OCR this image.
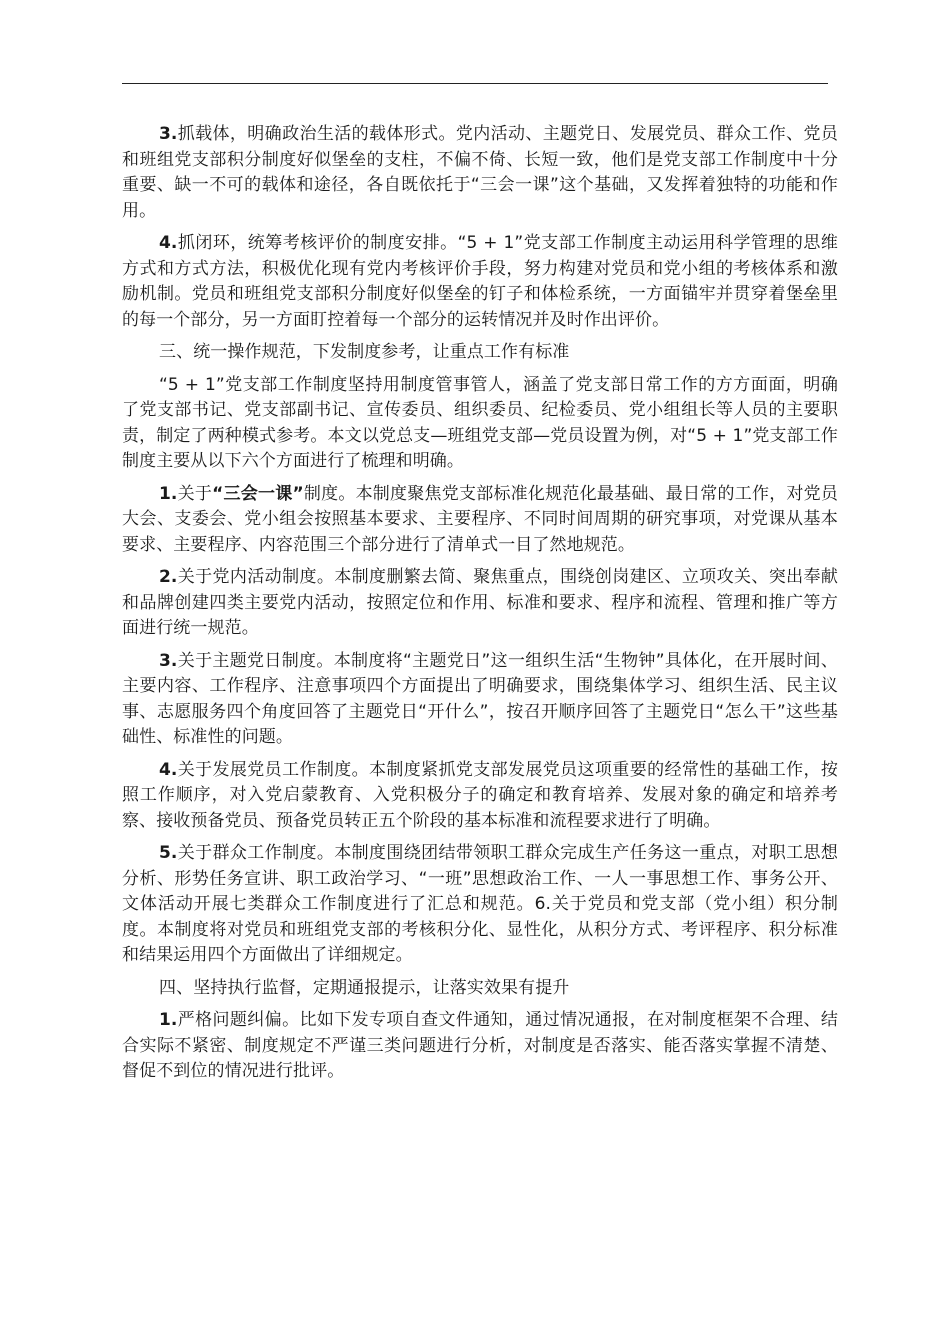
3.抓载体，明确政治生活的载体形式。党内活动、主题党日、发展党员、群众工作、党员和班组党支部积分制度好似堡垒的支柱，不偏不倚、长短一致，他们是党支部工作制度中十分重要、缺一不可的载体和途径，各自既依托于“三会一课”这个基础，又发挥着独特的功能和作用。

4.抓闭环，统筹考核评价的制度安排。“5 + 1”党支部工作制度主动运用科学管理的思维方式和方式方法，积极优化现有党内考核评价手段，努力构建对党员和党小组的考核体系和激励机制。党员和班组党支部积分制度好似堡垒的钉子和体检系统，一方面锚牢并贯穿着堡垒里的每一个部分，另一方面盯控着每一个部分的运转情况并及时作出评价。

三、统一操作规范，下发制度参考，让重点工作有标准

“5 + 1”党支部工作制度坚持用制度管事管人，涵盖了党支部日常工作的方方面面，明确了党支部书记、党支部副书记、宣传委员、组织委员、纪检委员、党小组组长等人员的主要职责，制定了两种模式参考。本文以党总支—班组党支部—党员设置为例，对“5 + 1”党支部工作制度主要从以下六个方面进行了梳理和明确。

1.关于“三会一课”制度。本制度聚焦党支部标准化规范化最基础、最日常的工作，对党员大会、支委会、党小组会按照基本要求、主要程序、不同时间周期的研究事项，对党课从基本要求、主要程序、内容范围三个部分进行了清单式一目了然地规范。

2.关于党内活动制度。本制度删繁去简、聚焦重点，围绕创岗建区、立项攻关、突出奉献和品牌创建四类主要党内活动，按照定位和作用、标准和要求、程序和流程、管理和推广等方面进行统一规范。

3.关于主题党日制度。本制度将“主题党日”这一组织生活“生物钟”具体化，在开展时间、主要内容、工作程序、注意事项四个方面提出了明确要求，围绕集体学习、组织生活、民主议事、志愿服务四个角度回答了主题党日“开什么”，按召开顺序回答了主题党日“怎么干”这些基础性、标准性的问题。

4.关于发展党员工作制度。本制度紧抓党支部发展党员这项重要的经常性的基础工作，按照工作顺序，对入党启蒙教育、入党积极分子的确定和教育培养、发展对象的确定和培养考察、接收预备党员、预备党员转正五个阶段的基本标准和流程要求进行了明确。

5.关于群众工作制度。本制度围绕团结带领职工群众完成生产任务这一重点，对职工思想分析、形势任务宣讲、职工政治学习、“一班”思想政治工作、一人一事思想工作、事务公开、文体活动开展七类群众工作制度进行了汇总和规范。6.关于党员和党支部（党小组）积分制度。本制度将对党员和班组党支部的考核积分化、显性化，从积分方式、考评程序、积分标准和结果运用四个方面做出了详细规定。

四、坚持执行监督，定期通报提示，让落实效果有提升

1.严格问题纠偏。比如下发专项自查文件通知，通过情况通报，在对制度框架不合理、结合实际不紧密、制度规定不严谨三类问题进行分析，对制度是否落实、能否落实掌握不清楚、督促不到位的情况进行批评。
